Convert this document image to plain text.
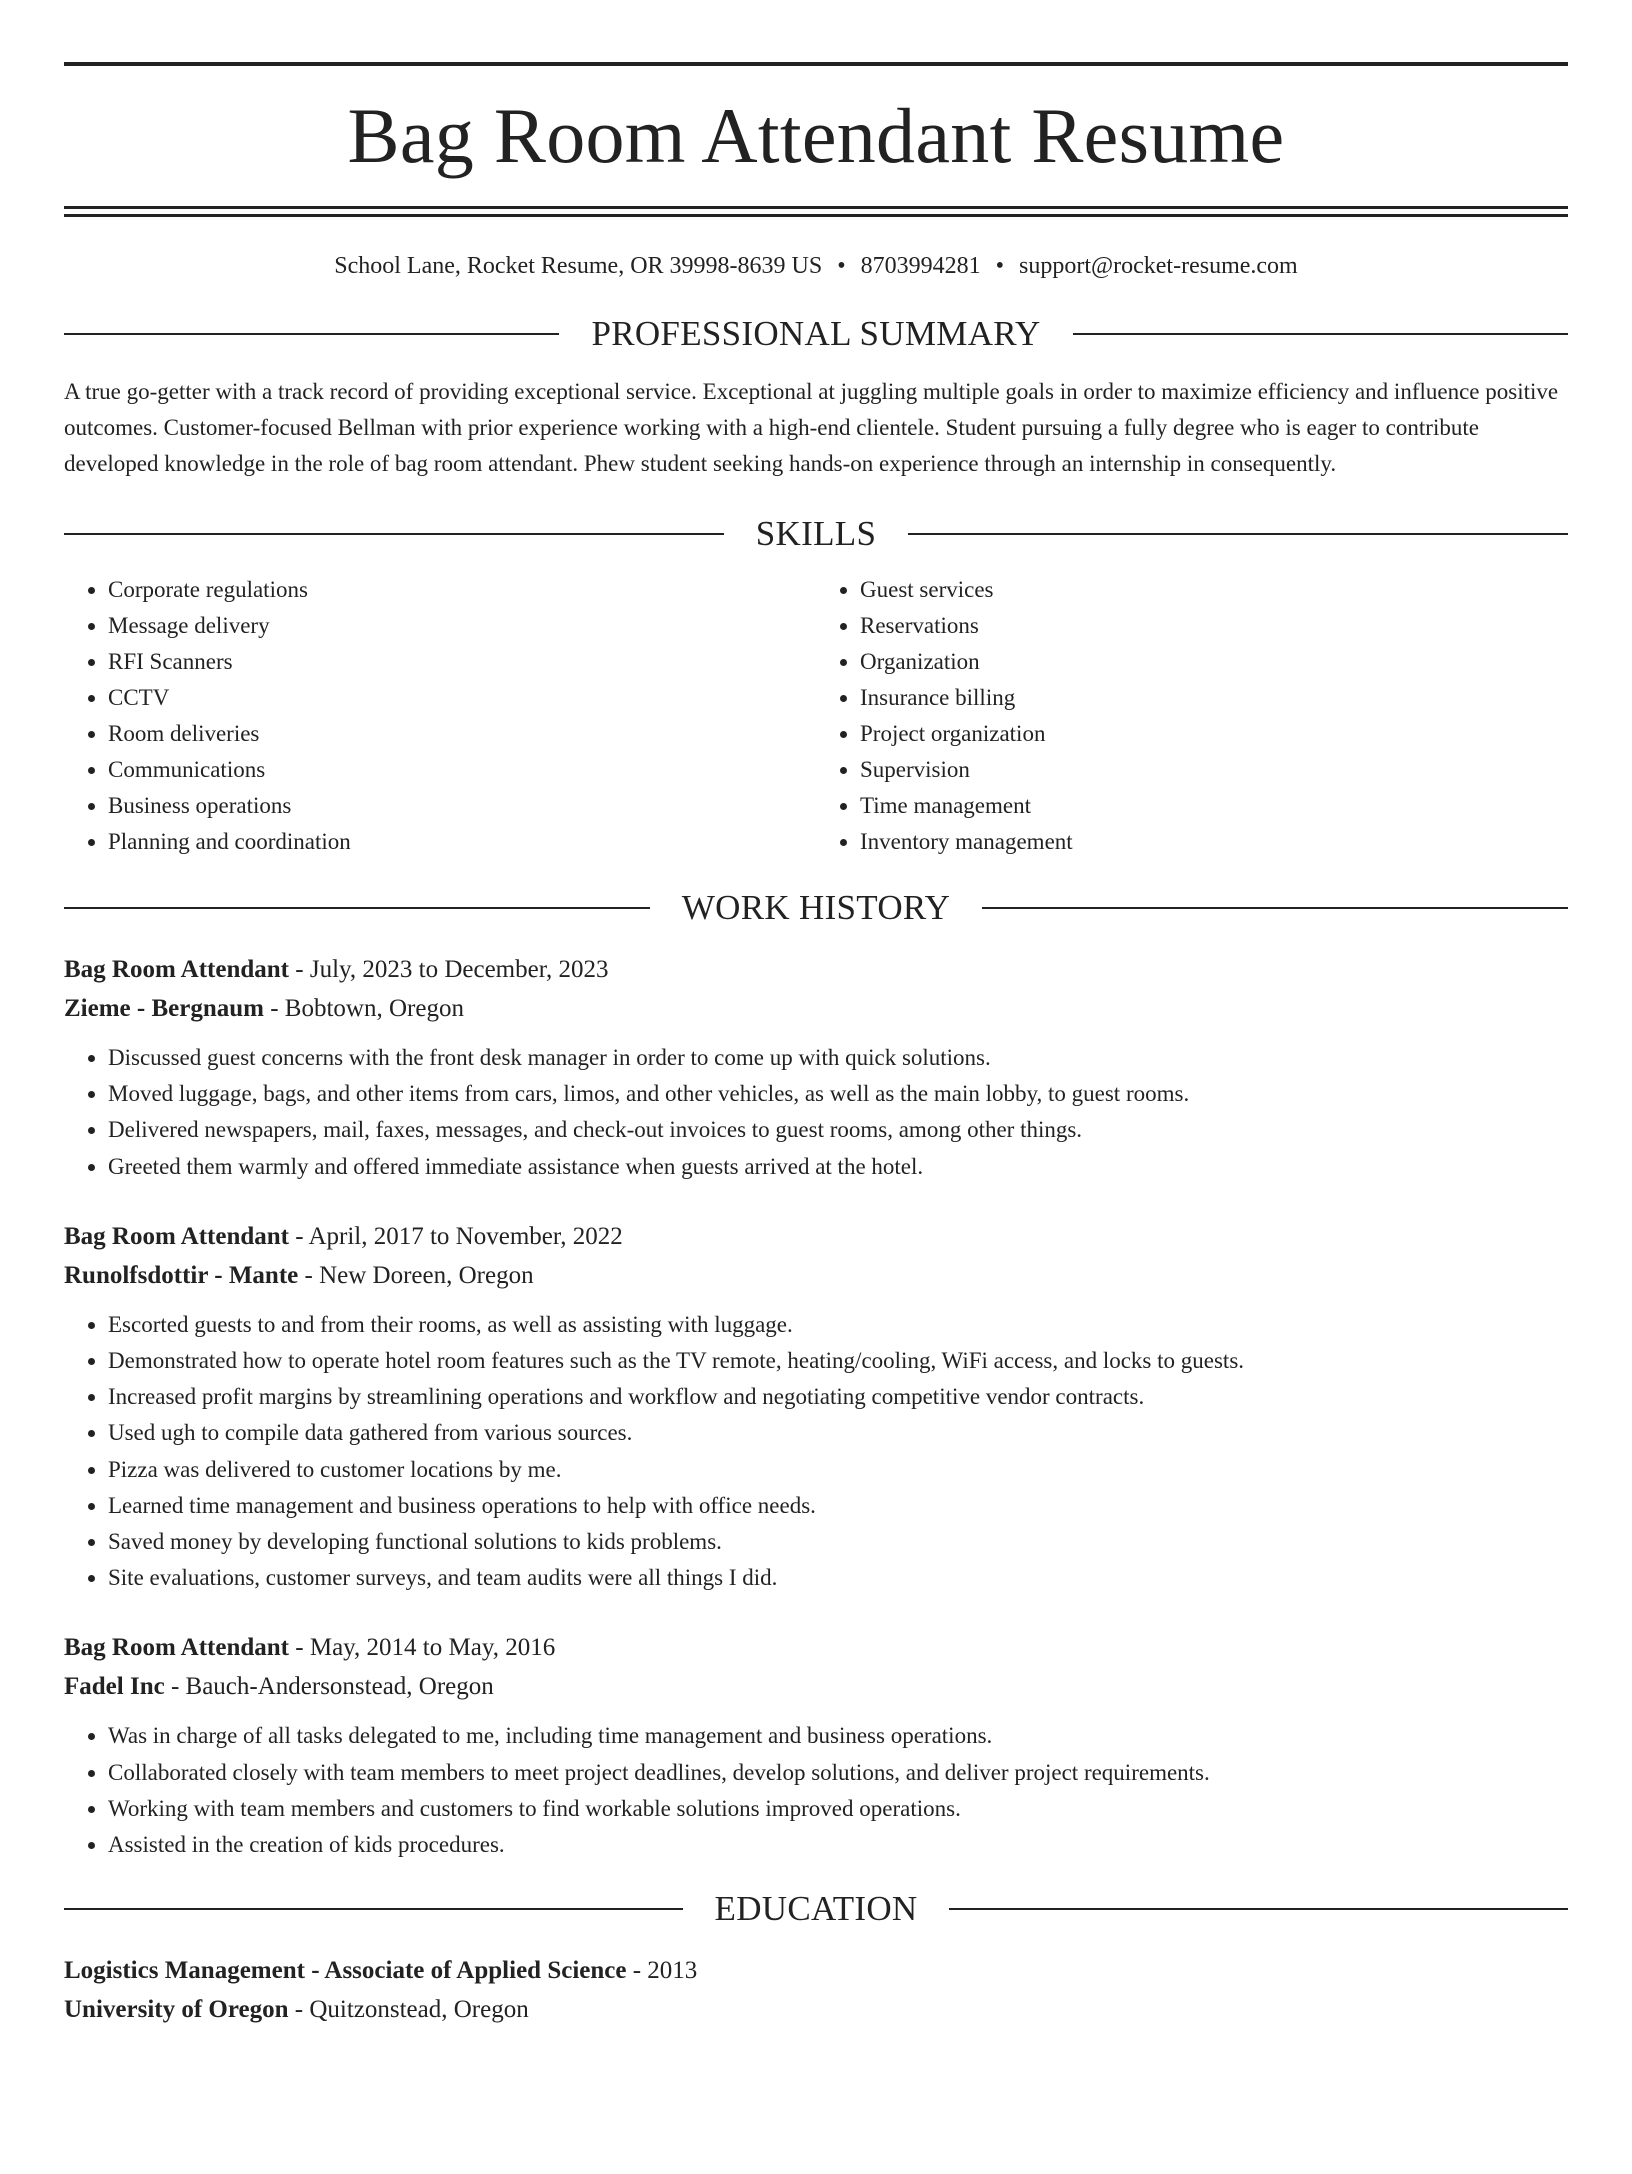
Bag Room Attendant Resume
School Lane, Rocket Resume, OR 39998-8639 US • 8703994281 • support@rocket-resume.com
PROFESSIONAL SUMMARY

A true go-getter with a track record of providing exceptional service. Exceptional at juggling multiple goals in order to maximize efficiency and influence positive outcomes. Customer-focused Bellman with prior experience working with a high-end clientele. Student pursuing a fully degree who is eager to contribute developed knowledge in the role of bag room attendant. Phew student seeking hands-on experience through an internship in consequently.

SKILLS
• Corporate regulations
• Message delivery
• RFI Scanners
• CCTV
• Room deliveries
• Communications
• Business operations
• Planning and coordination
• Guest services
• Reservations
• Organization
• Insurance billing
• Project organization
• Supervision
• Time management
• Inventory management
WORK HISTORY
Bag Room Attendant - July, 2023 to December, 2023
Zieme - Bergnaum - Bobtown, Oregon
• Discussed guest concerns with the front desk manager in order to come up with quick solutions.
• Moved luggage, bags, and other items from cars, limos, and other vehicles, as well as the main lobby, to guest rooms.
• Delivered newspapers, mail, faxes, messages, and check-out invoices to guest rooms, among other things.
• Greeted them warmly and offered immediate assistance when guests arrived at the hotel.
Bag Room Attendant - April, 2017 to November, 2022
Runolfsdottir - Mante - New Doreen, Oregon
• Escorted guests to and from their rooms, as well as assisting with luggage.
• Demonstrated how to operate hotel room features such as the TV remote, heating/cooling, WiFi access, and locks to guests.
• Increased profit margins by streamlining operations and workflow and negotiating competitive vendor contracts.
• Used ugh to compile data gathered from various sources.
• Pizza was delivered to customer locations by me.
• Learned time management and business operations to help with office needs.
• Saved money by developing functional solutions to kids problems.
• Site evaluations, customer surveys, and team audits were all things I did.
Bag Room Attendant - May, 2014 to May, 2016
Fadel Inc - Bauch-Andersonstead, Oregon
• Was in charge of all tasks delegated to me, including time management and business operations.
• Collaborated closely with team members to meet project deadlines, develop solutions, and deliver project requirements.
• Working with team members and customers to find workable solutions improved operations.
• Assisted in the creation of kids procedures.
EDUCATION
Logistics Management - Associate of Applied Science - 2013
University of Oregon - Quitzonstead, Oregon
